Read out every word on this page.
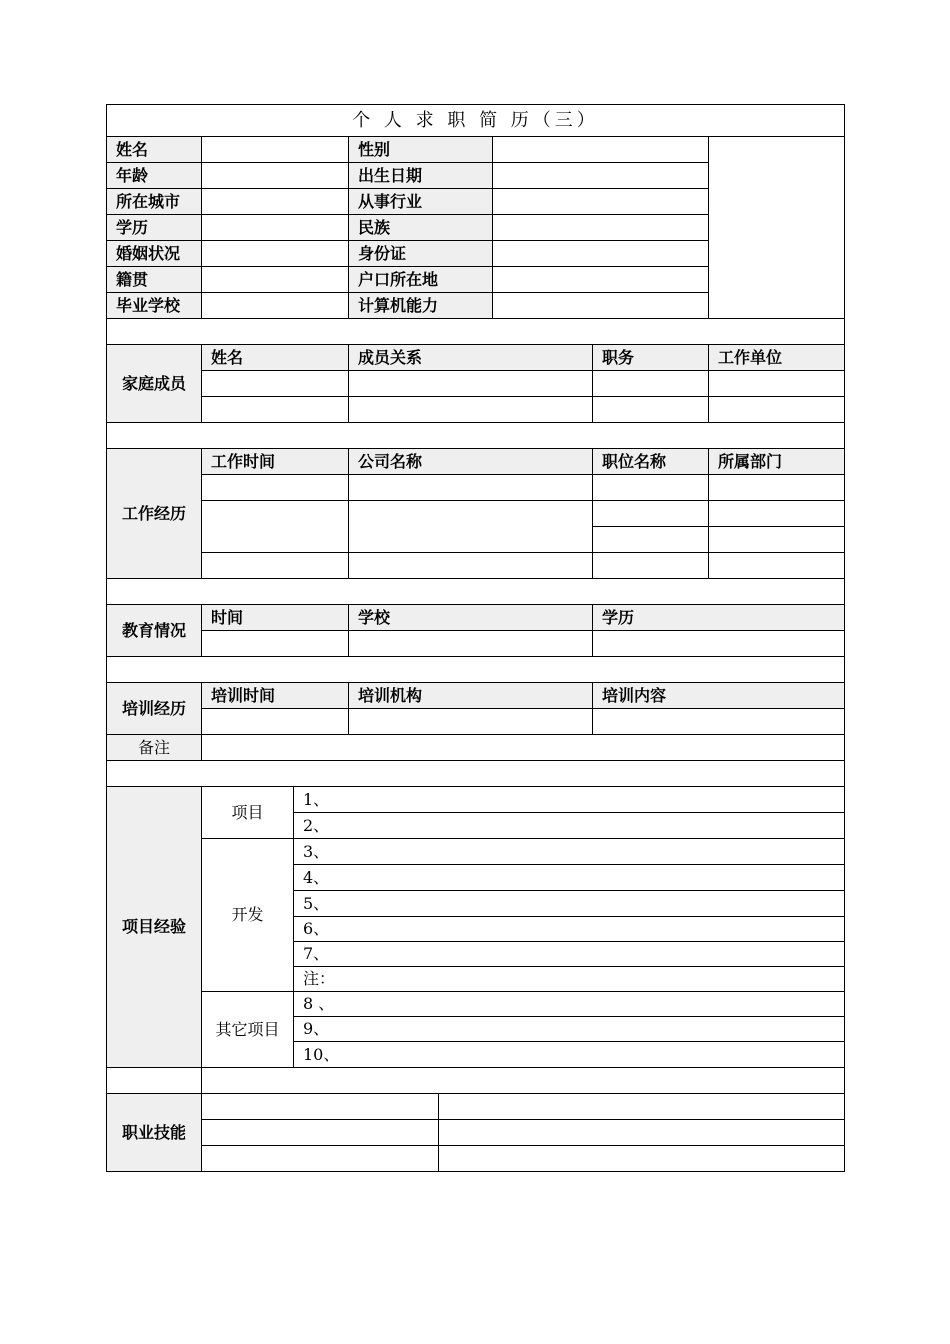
个 人 求 职 简 历（三）				
姓名		性别		
年龄		出生日期		
所在城市		从事行业		
学历		民族		
婚姻状况		身份证		
籍贯		户口所在地		
毕业学校		计算机能力		

家庭成员	姓名	成员关系	职务	工作单位

工作经历	工作时间	公司名称	职位名称	所属部门

教育情况	时间	学校	学历	

培训经历	培训时间	培训机构	培训内容	

备注				

项目经验	项目	1、
		2、
	开发	3、
		4、
		5、
		6、
		7、
		注：
	其它项目	8 、
		9、
		10、

职业技能		
